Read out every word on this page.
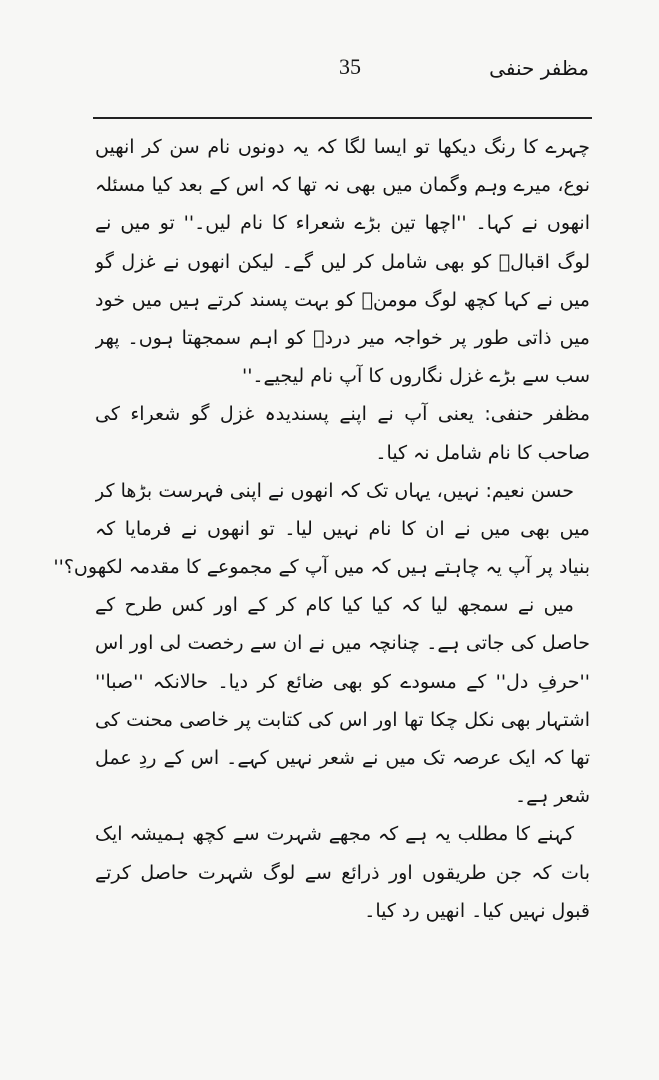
مظفر حنفی
35
چہرے کا رنگ دیکھا تو ایسا لگا کہ یہ دونوں نام سن کر انھیں
نوع، میرے وہم وگمان میں بھی نہ تھا کہ اس کے بعد کیا مسئلہ
انھوں نے کہا۔ ''اچھا تین بڑے شعراء کا نام لیں۔'' تو میں نے
لوگ اقبالؔ کو بھی شامل کر لیں گے۔ لیکن انھوں نے غزل گو
میں نے کہا کچھ لوگ مومنؔ کو بہت پسند کرتے ہیں میں خود
میں ذاتی طور پر خواجہ میر دردؔ کو اہم سمجھتا ہوں۔ پھر
سب سے بڑے غزل نگاروں کا آپ نام لیجیے۔''
مظفر حنفی: یعنی آپ نے اپنے پسندیدہ غزل گو شعراء کی
صاحب کا نام شامل نہ کیا۔
حسن نعیم: نہیں، یہاں تک کہ انھوں نے اپنی فہرست بڑھا کر
میں بھی میں نے ان کا نام نہیں لیا۔ تو انھوں نے فرمایا کہ
بنیاد پر آپ یہ چاہتے ہیں کہ میں آپ کے مجموعے کا مقدمہ لکھوں؟''
میں نے سمجھ لیا کہ کیا کیا کام کر کے اور کس طرح کے
حاصل کی جاتی ہے۔ چنانچہ میں نے ان سے رخصت لی اور اس
''حرفِ دل'' کے مسودے کو بھی ضائع کر دیا۔ حالانکہ ''صبا''
اشتہار بھی نکل چکا تھا اور اس کی کتابت پر خاصی محنت کی
تھا کہ ایک عرصہ تک میں نے شعر نہیں کہے۔ اس کے ردِ عمل
شعر ہے۔
کہنے کا مطلب یہ ہے کہ مجھے شہرت سے کچھ ہمیشہ ایک
بات کہ جن طریقوں اور ذرائع سے لوگ شہرت حاصل کرتے
قبول نہیں کیا۔ انھیں رد کیا۔
